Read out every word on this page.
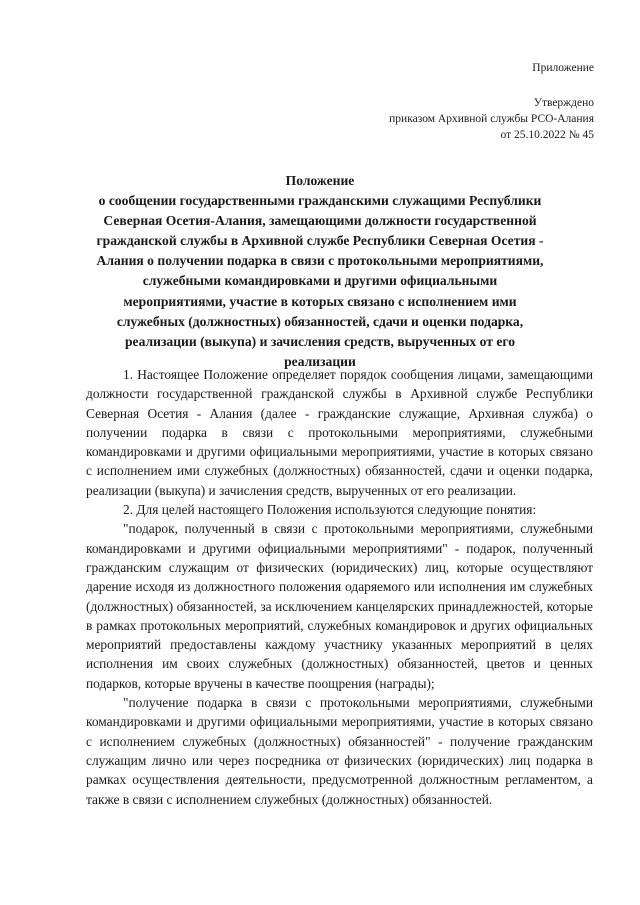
Приложение
Утверждено
приказом Архивной службы РСО-Алания
от 25.10.2022 № 45
Положение
о сообщении государственными гражданскими служащими Республики
Северная Осетия-Алания, замещающими должности государственной
гражданской службы в Архивной службе Республики Северная Осетия -
Алания о получении подарка в связи с протокольными мероприятиями,
служебными командировками и другими официальными
мероприятиями, участие в которых связано с исполнением ими
служебных (должностных) обязанностей, сдачи и оценки подарка,
реализации (выкупа) и зачисления средств, вырученных от его
реализации

1. Настоящее Положение определяет порядок сообщения лицами, замещающими должности государственной гражданской службы в Архивной службе Республики Северная Осетия - Алания (далее - гражданские служащие, Архивная служба) о получении подарка в связи с протокольными мероприятиями, служебными командировками и другими официальными мероприятиями, участие в которых связано с исполнением ими служебных (должностных) обязанностей, сдачи и оценки подарка, реализации (выкупа) и зачисления средств, вырученных от его реализации.

2. Для целей настоящего Положения используются следующие понятия:

"подарок, полученный в связи с протокольными мероприятиями, служебными командировками и другими официальными мероприятиями" - подарок, полученный гражданским служащим от физических (юридических) лиц, которые осуществляют дарение исходя из должностного положения одаряемого или исполнения им служебных (должностных) обязанностей, за исключением канцелярских принадлежностей, которые в рамках протокольных мероприятий, служебных командировок и других официальных мероприятий предоставлены каждому участнику указанных мероприятий в целях исполнения им своих служебных (должностных) обязанностей, цветов и ценных подарков, которые вручены в качестве поощрения (награды);

"получение подарка в связи с протокольными мероприятиями, служебными командировками и другими официальными мероприятиями, участие в которых связано с исполнением служебных (должностных) обязанностей" - получение гражданским служащим лично или через посредника от физических (юридических) лиц подарка в рамках осуществления деятельности, предусмотренной должностным регламентом, а также в связи с исполнением служебных (должностных) обязанностей.
